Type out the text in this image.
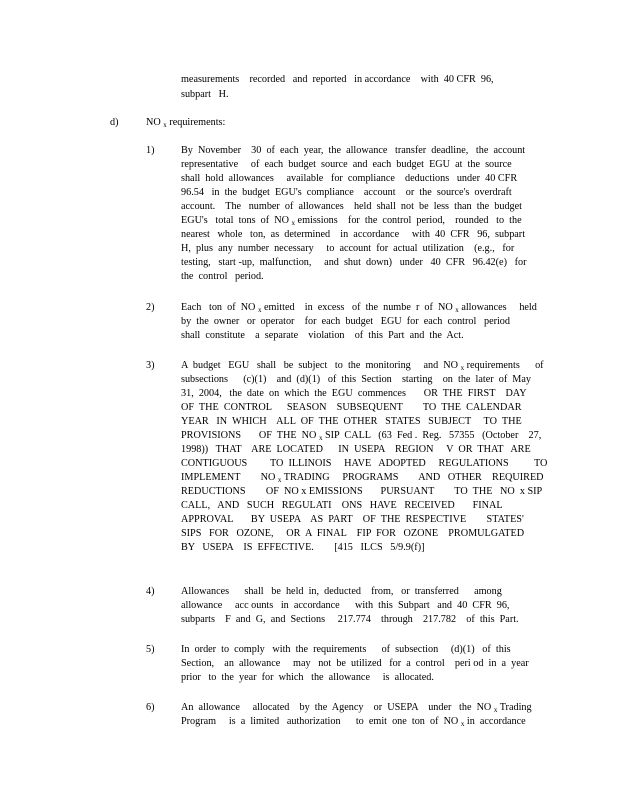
measurements    recorded   and  reported   in accordance    with  40 CFR  96,
subpart   H.
d)	NO $_x$ requirements:
1)	By  November    30  of  each  year,  the  allowance   transfer  deadline,   the  account
representative     of  each  budget  source  and  each  budget  EGU  at  the  source
shall  hold  allowances     available   for  compliance    deductions   under  40 CFR
96.54   in  the  budget  EGU's  compliance    account    or  the  source's  overdraft
account.    The   number  of  allowances    held  shall  not  be  less  than  the  budget
EGU's   total  tons  of  NO $_x$ emissions    for  the  control  period,    rounded   to  the
nearest   whole   ton,  as  determined    in  accordance     with  40  CFR   96,  subpart
H,  plus  any  number  necessary     to  account  for  actual  utilization    (e.g.,   for
testing,   start -up,  malfunction,     and  shut  down)   under   40  CFR   96.42(e)   for
the  control   period.
2)	Each   ton  of  NO $_x$ emitted    in  excess   of  the  numbe  r  of  NO $_x$ allowances     held
by  the  owner   or  operator    for  each  budget   EGU  for  each  control   period
shall  constitute    a  separate    violation    of  this  Part  and  the  Act.
3)	A  budget   EGU   shall   be  subject   to  the  monitoring     and  NO $_x$ requirements      of
subsections      (c)(1)    and  (d)(1)   of  this  Section    starting    on  the  later  of  May
31,  2004,   the  date  on  which  the  EGU  commences       OR  THE  FIRST    DAY
OF  THE  CONTROL      SEASON    SUBSEQUENT        TO  THE  CALENDAR
YEAR   IN  WHICH    ALL  OF  THE  OTHER   STATES   SUBJECT     TO  THE
PROVISIONS       OF  THE  NO $_x$ SIP  CALL   (63  Fed .  Reg.   57355   (October    27,
1998))   THAT    ARE  LOCATED      IN  USEPA    REGION     V  OR  THAT   ARE
CONTIGUOUS         TO  ILLINOIS     HAVE   ADOPTED     REGULATIONS          TO
IMPLEMENT        NO $_x$ TRADING     PROGRAMS        AND   OTHER    REQUIRED
REDUCTIONS        OF  NO x EMISSIONS       PURSUANT        TO  THE   NO  x SIP
CALL,   AND   SUCH   REGULATI    ONS   HAVE   RECEIVED       FINAL
APPROVAL       BY  USEPA    AS  PART    OF  THE  RESPECTIVE        STATES'
SIPS   FOR   OZONE,     OR  A  FINAL    FIP  FOR   OZONE    PROMULGATED
BY   USEPA    IS  EFFECTIVE.        [415   ILCS   5/9.9(f)]
4)	Allowances      shall   be  held  in,  deducted    from,   or  transferred      among
allowance     acc ounts   in  accordance      with  this  Subpart   and  40  CFR  96,
subparts    F  and  G,  and  Sections     217.774    through    217.782    of  this  Part.
5)	In  order  to  comply   with  the  requirements      of  subsection     (d)(1)   of  this
Section,    an  allowance     may   not  be  utilized   for  a  control    peri od  in  a  year
prior   to  the  year  for  which   the  allowance     is  allocated.
6)	An  allowance     allocated    by  the  Agency    or  USEPA    under   the  NO $_x$ Trading
Program     is  a  limited   authorization      to  emit  one  ton  of  NO $_x$ in  accordance
